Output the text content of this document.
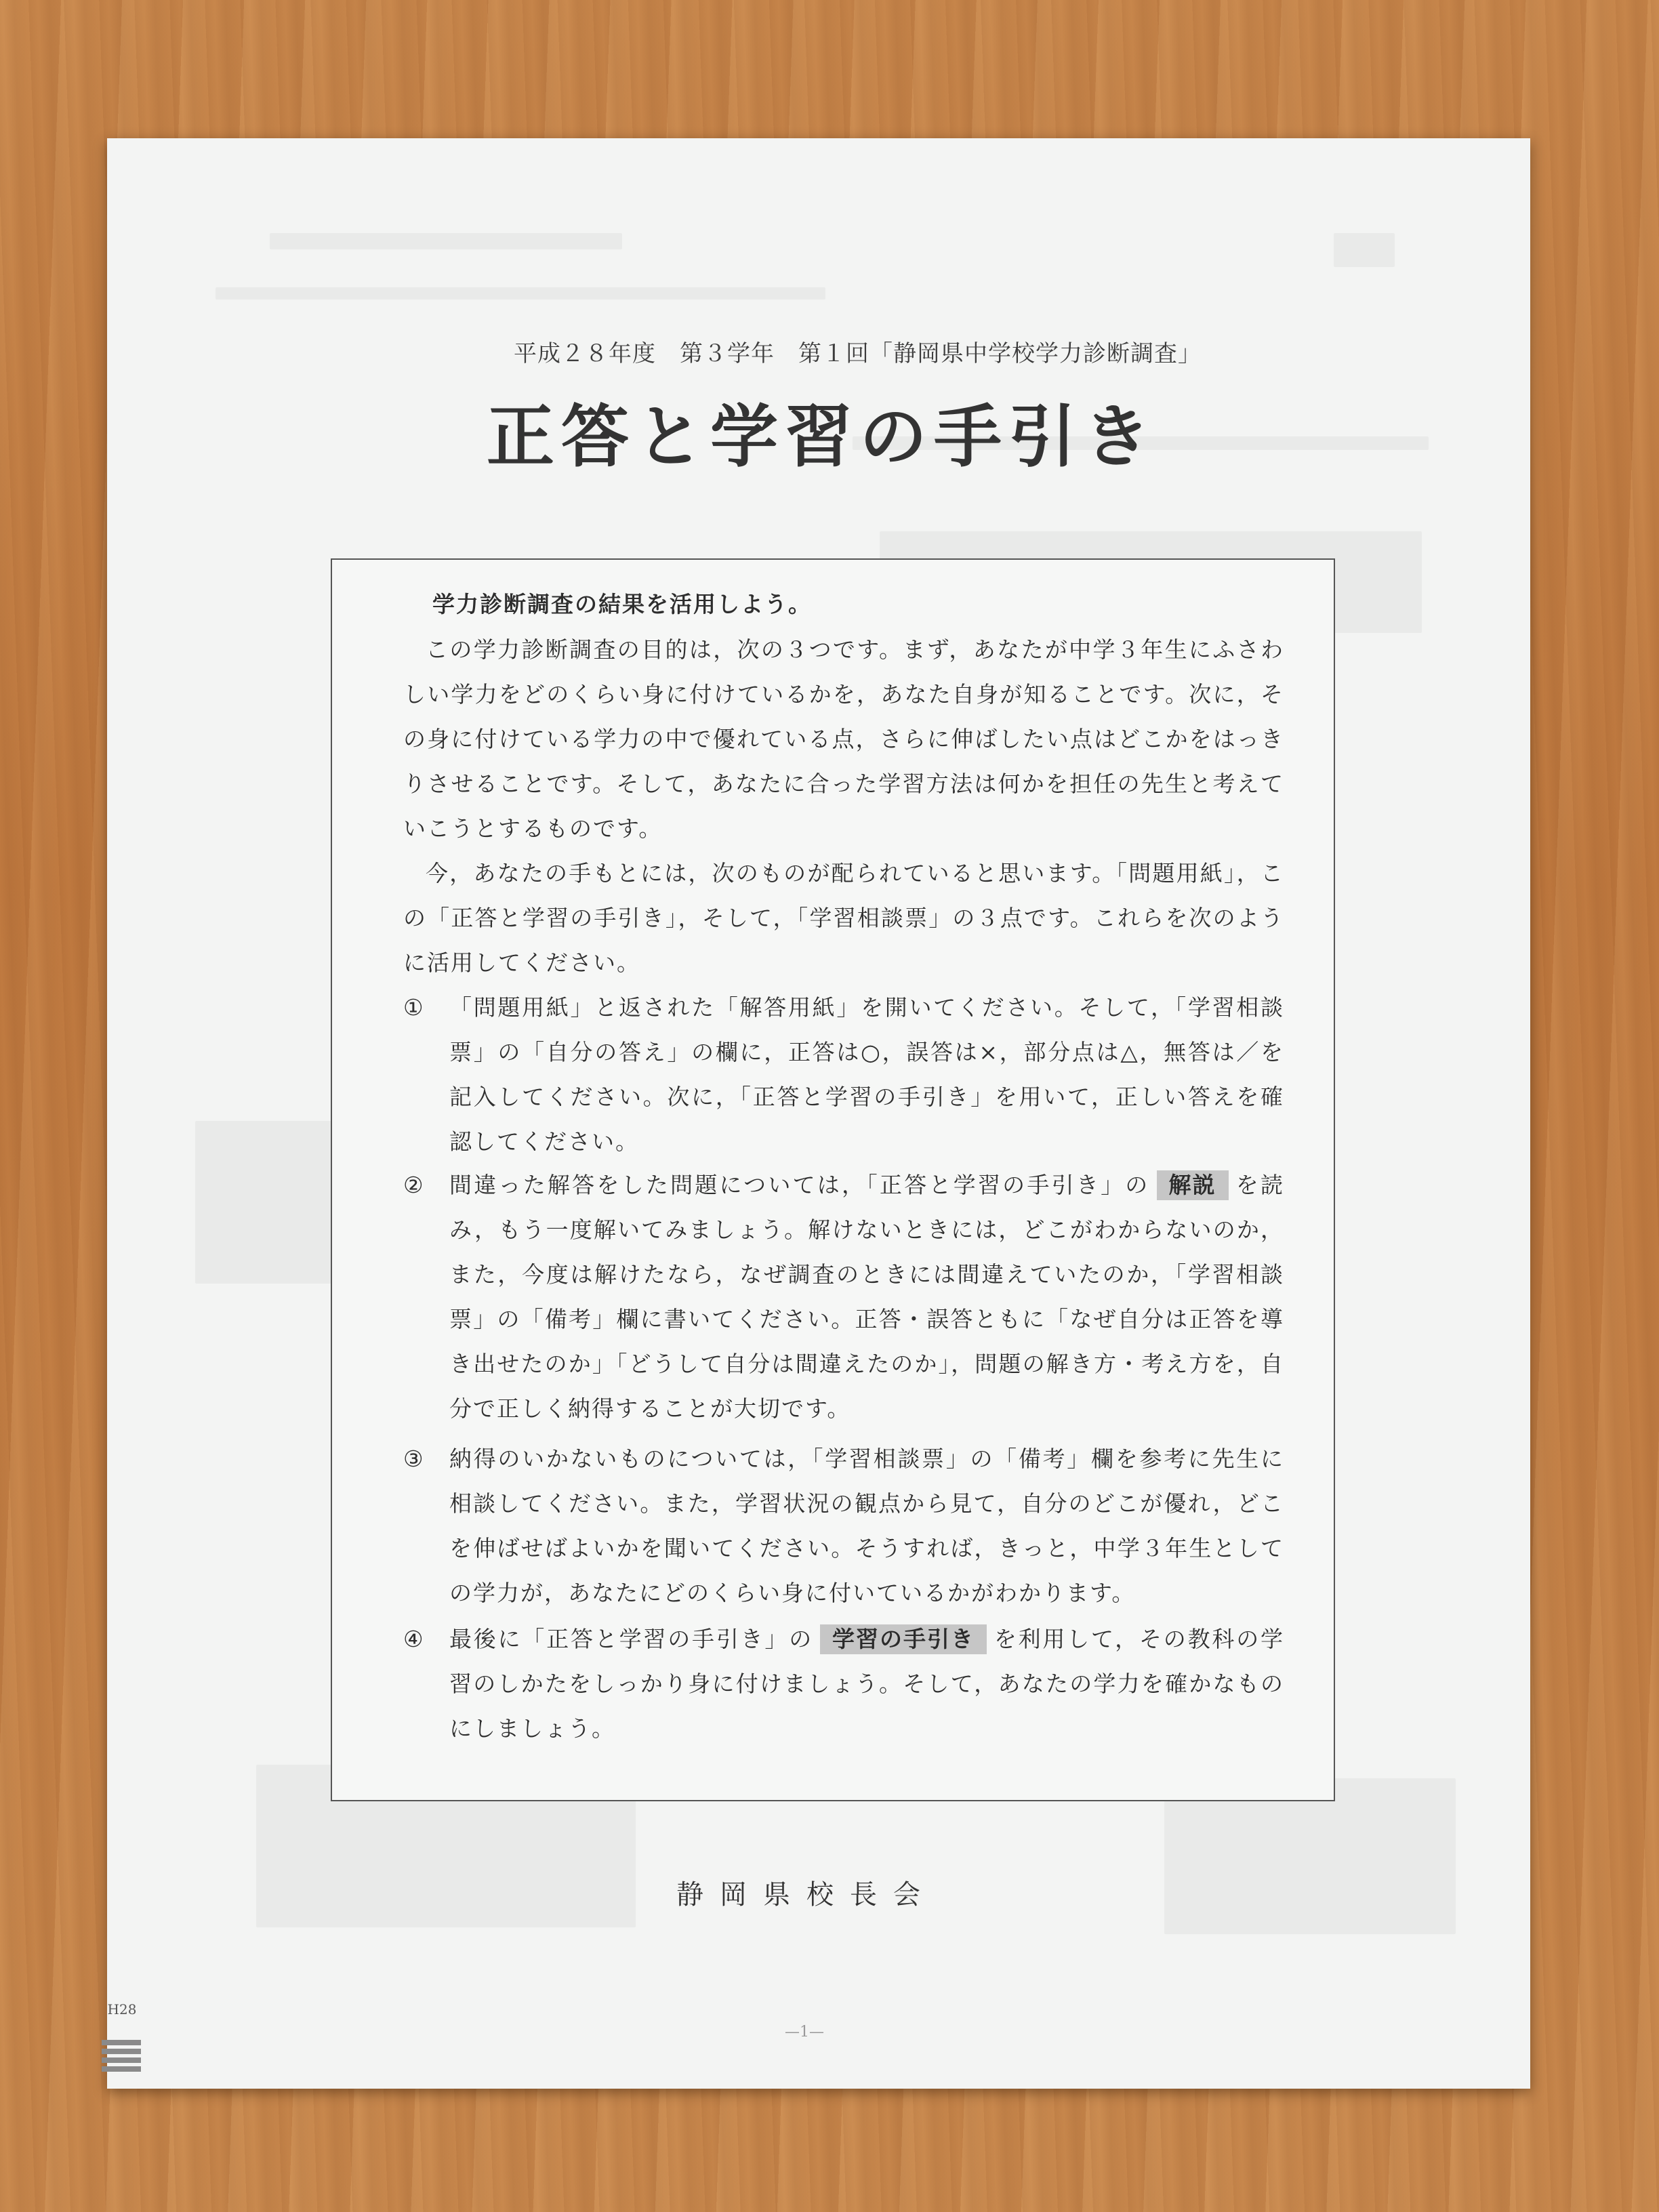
平成２８年度　第３学年　第１回「静岡県中学校学力診断調査」
正答と学習の手引き
学力診断調査の結果を活用しよう。
この学力診断調査の目的は，次の３つです。まず，あなたが中学３年生にふさわしい学力をどのくらい身に付けているかを，あなた自身が知ることです。次に，その身に付けている学力の中で優れている点，さらに伸ばしたい点はどこかをはっきりさせることです。そして，あなたに合った学習方法は何かを担任の先生と考えていこうとするものです。
今，あなたの手もとには，次のものが配られていると思います。「問題用紙」，この「正答と学習の手引き」，そして，「学習相談票」の３点です。これらを次のように活用してください。
①	「問題用紙」と返された「解答用紙」を開いてください。そして，「学習相談票」の「自分の答え」の欄に，正答は○，誤答は×，部分点は△，無答は／を記入してください。次に，「正答と学習の手引き」を用いて，正しい答えを確認してください。
②	間違った解答をした問題については，「正答と学習の手引き」の 解説 を読み，もう一度解いてみましょう。解けないときには，どこがわからないのか，また，今度は解けたなら，なぜ調査のときには間違えていたのか，「学習相談票」の「備考」欄に書いてください。正答・誤答ともに「なぜ自分は正答を導き出せたのか」「どうして自分は間違えたのか」，問題の解き方・考え方を，自分で正しく納得することが大切です。
③	納得のいかないものについては，「学習相談票」の「備考」欄を参考に先生に相談してください。また，学習状況の観点から見て，自分のどこが優れ，どこを伸ばせばよいかを聞いてください。そうすれば，きっと，中学３年生としての学力が，あなたにどのくらい身に付いているかがわかります。
④	最後に「正答と学習の手引き」の 学習の手引き を利用して，その教科の学習のしかたをしっかり身に付けましょう。そして，あなたの学力を確かなものにしましょう。
静岡県校長会
H28
—1—
